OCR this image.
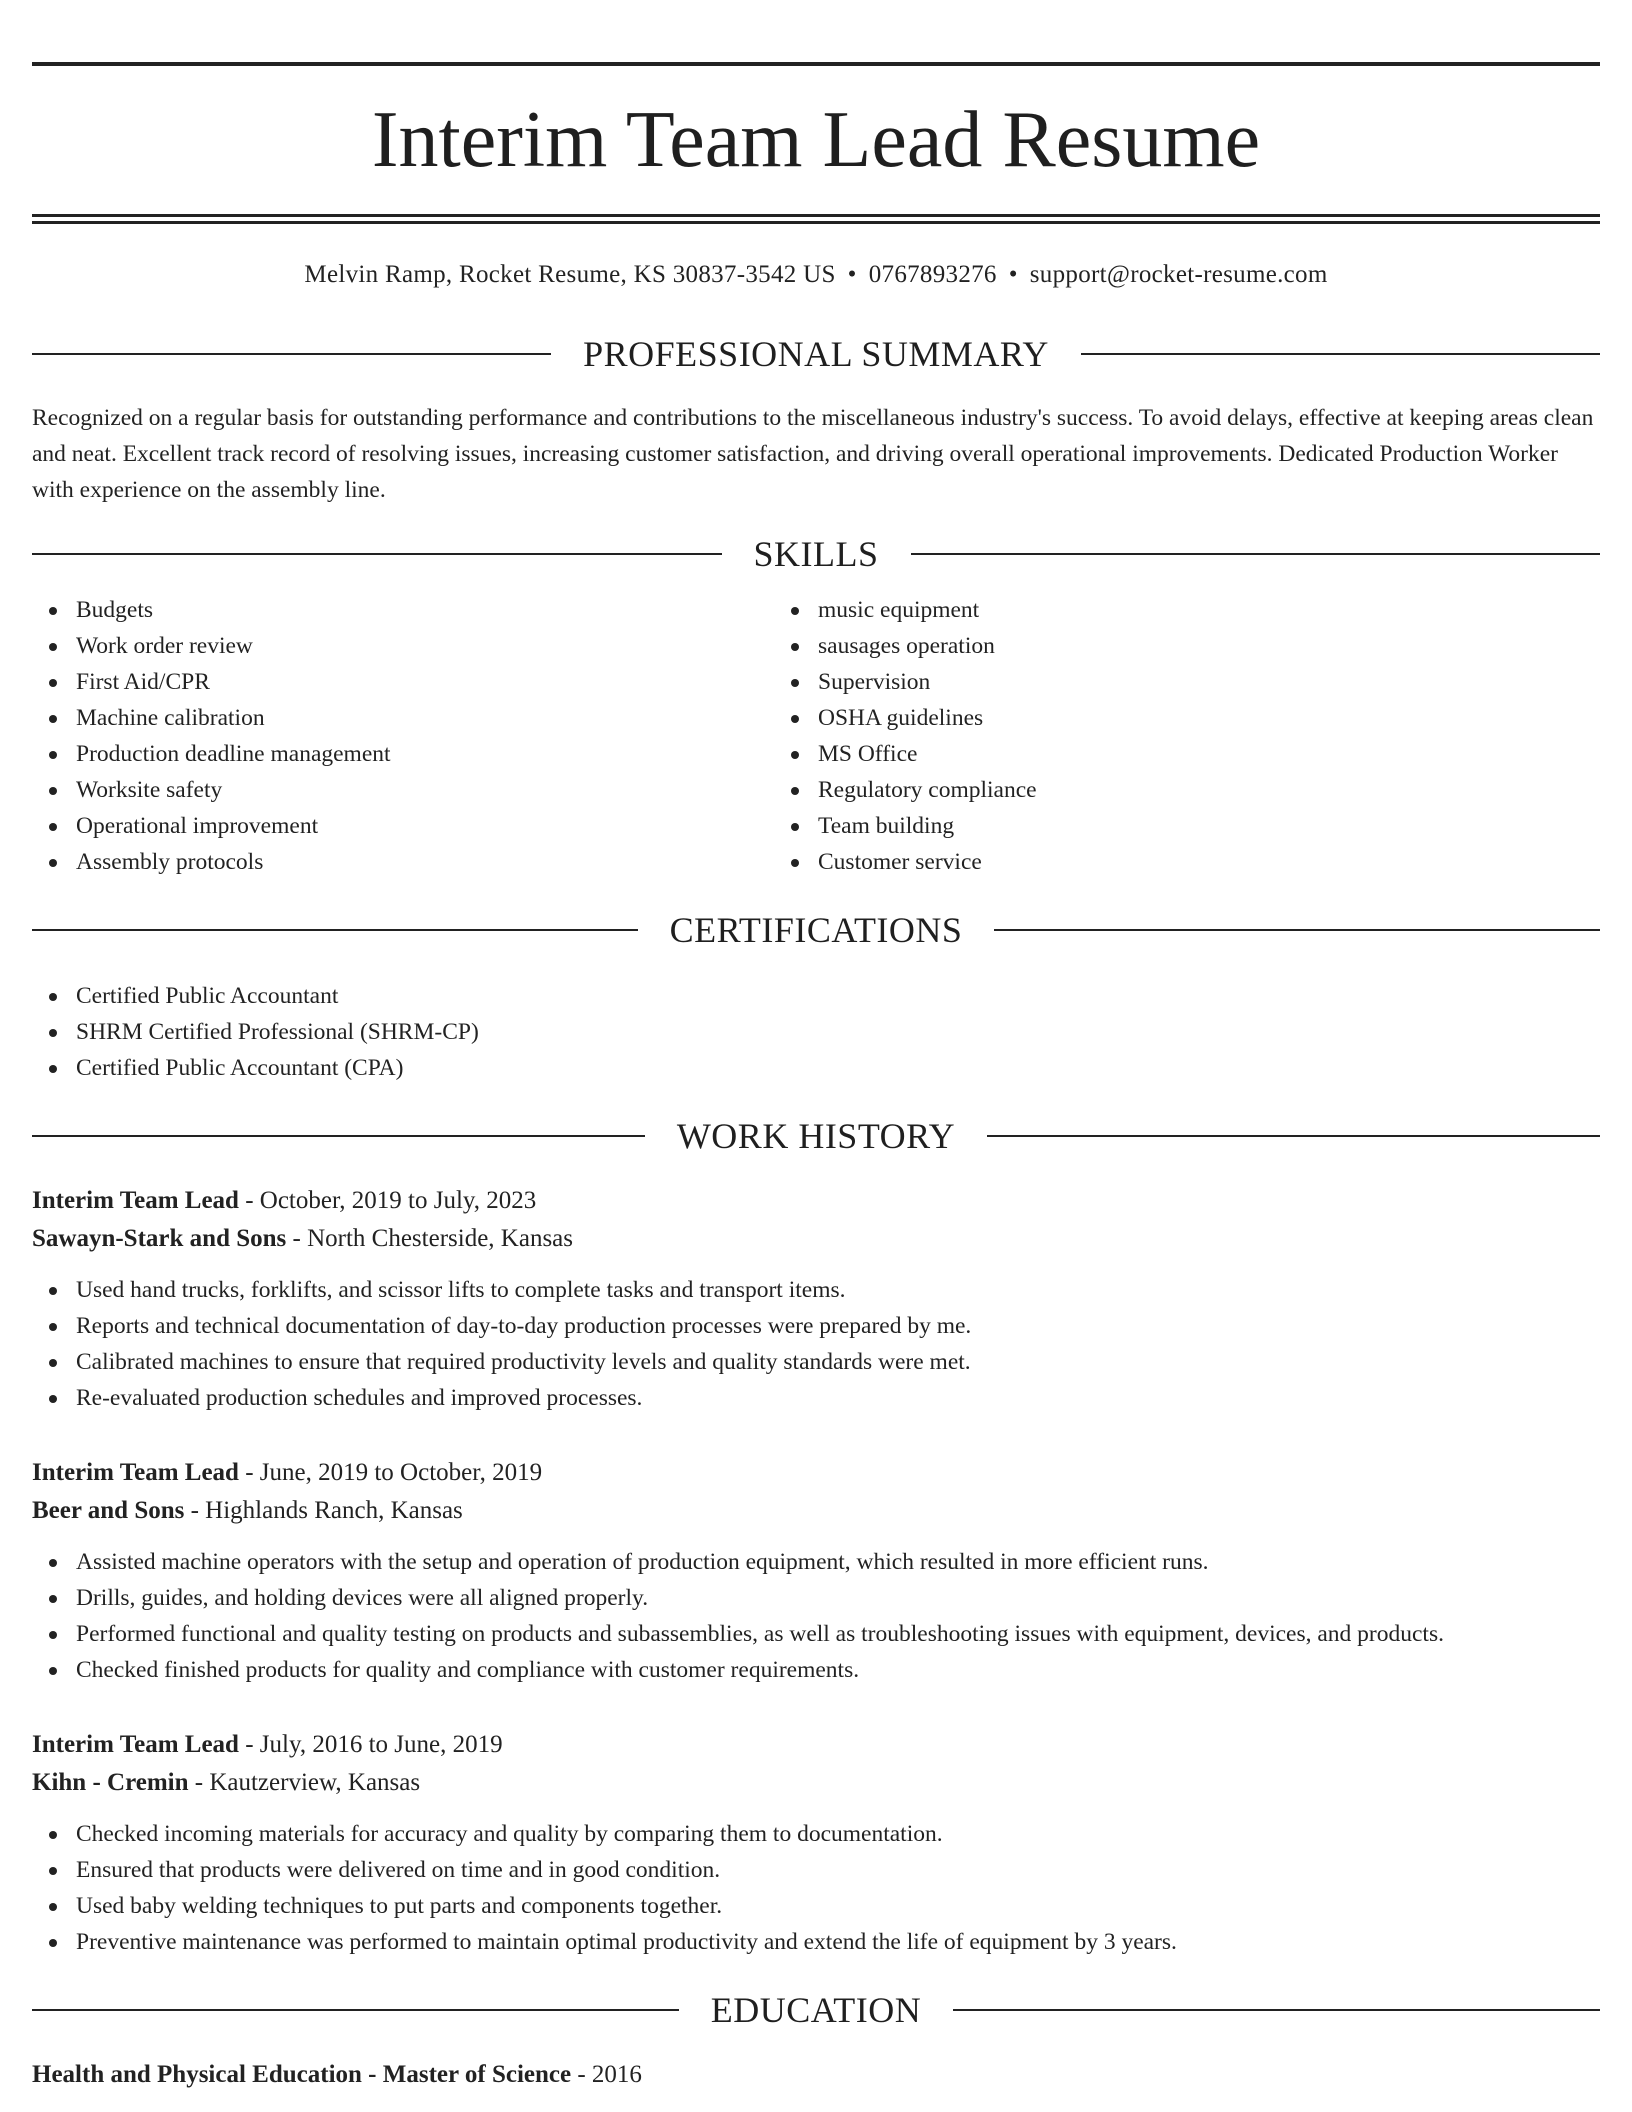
Interim Team Lead Resume
Melvin Ramp, Rocket Resume, KS 30837-3542 US • 0767893276 • support@rocket-resume.com
PROFESSIONAL SUMMARY

Recognized on a regular basis for outstanding performance and contributions to the miscellaneous industry's success. To avoid delays, effective at keeping areas clean and neat. Excellent track record of resolving issues, increasing customer satisfaction, and driving overall operational improvements. Dedicated Production Worker with experience on the assembly line.

SKILLS
Budgets
Work order review
First Aid/CPR
Machine calibration
Production deadline management
Worksite safety
Operational improvement
Assembly protocols
music equipment
sausages operation
Supervision
OSHA guidelines
MS Office
Regulatory compliance
Team building
Customer service
CERTIFICATIONS
Certified Public Accountant
SHRM Certified Professional (SHRM-CP)
Certified Public Accountant (CPA)
WORK HISTORY
Interim Team Lead - October, 2019 to July, 2023
Sawayn-Stark and Sons - North Chesterside, Kansas
Used hand trucks, forklifts, and scissor lifts to complete tasks and transport items.
Reports and technical documentation of day-to-day production processes were prepared by me.
Calibrated machines to ensure that required productivity levels and quality standards were met.
Re-evaluated production schedules and improved processes.
Interim Team Lead - June, 2019 to October, 2019
Beer and Sons - Highlands Ranch, Kansas
Assisted machine operators with the setup and operation of production equipment, which resulted in more efficient runs.
Drills, guides, and holding devices were all aligned properly.
Performed functional and quality testing on products and subassemblies, as well as troubleshooting issues with equipment, devices, and products.
Checked finished products for quality and compliance with customer requirements.
Interim Team Lead - July, 2016 to June, 2019
Kihn - Cremin - Kautzerview, Kansas
Checked incoming materials for accuracy and quality by comparing them to documentation.
Ensured that products were delivered on time and in good condition.
Used baby welding techniques to put parts and components together.
Preventive maintenance was performed to maintain optimal productivity and extend the life of equipment by 3 years.
EDUCATION
Health and Physical Education - Master of Science - 2016
